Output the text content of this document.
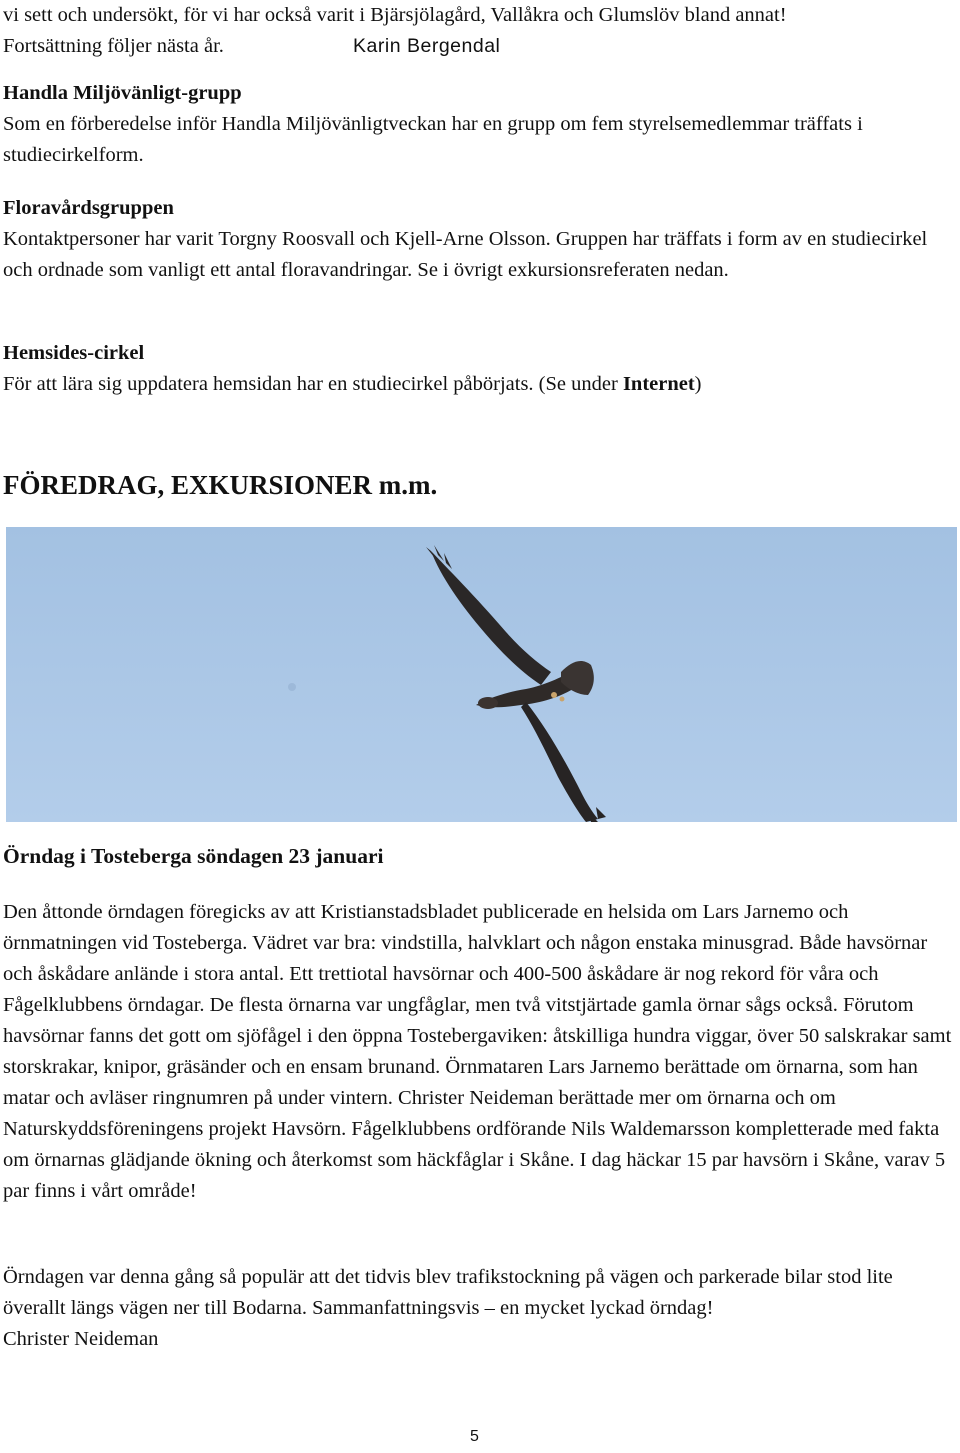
vi sett och undersökt, för vi har också varit i Bjärsjölagård, Vallåkra och Glumslöv bland annat!

Fortsättning följer nästa år.	Karin Bergendal

Handla Miljövänligt-grupp
Som en förberedelse inför Handla Miljövänligtveckan har en grupp om fem styrelsemedlemmar träffats i studiecirkelform.

Floravårdsgruppen
Kontaktpersoner har varit Torgny Roosvall och Kjell-Arne Olsson. Gruppen har träffats i form av en studiecirkel och ordnade som vanligt ett antal floravandringar. Se i övrigt exkursionsreferaten nedan.

Hemsides-cirkel
För att lära sig uppdatera hemsidan har en studiecirkel påbörjats. (Se under Internet)

FÖREDRAG, EXKURSIONER m.m.
Örndag i Tosteberga söndagen 23 januari

Den åttonde örndagen föregicks av att Kristianstadsbladet publicerade en helsida om Lars Jarnemo och örnmatningen vid Tosteberga. Vädret var bra: vindstilla, halvklart och någon enstaka minusgrad. Både havsörnar och åskådare anlände i stora antal. Ett trettiotal havsörnar och 400-500 åskådare är nog rekord för våra och Fågelklubbens örndagar. De flesta örnarna var ungfåglar, men två vitstjärtade gamla örnar sågs också. Förutom havsörnar fanns det gott om sjöfågel i den öppna Tostebergaviken: åtskilliga hundra viggar, över 50 salskrakar samt storskrakar, knipor, gräsänder och en ensam brunand. Örnmataren Lars Jarnemo berättade om örnarna, som han matar och avläser ringnumren på under vintern. Christer Neideman berättade mer om örnarna och om Naturskyddsföreningens projekt Havsörn. Fågelklubbens ordförande Nils Waldemarsson kompletterade med fakta om örnarnas glädjande ökning och återkomst som häckfåglar i Skåne. I dag häckar 15 par havsörn i Skåne, varav 5 par finns i vårt område!

Örndagen var denna gång så populär att det tidvis blev trafikstockning på vägen och parkerade bilar stod lite överallt längs vägen ner till Bodarna. Sammanfattningsvis – en mycket lyckad örndag!

Christer Neideman

5
